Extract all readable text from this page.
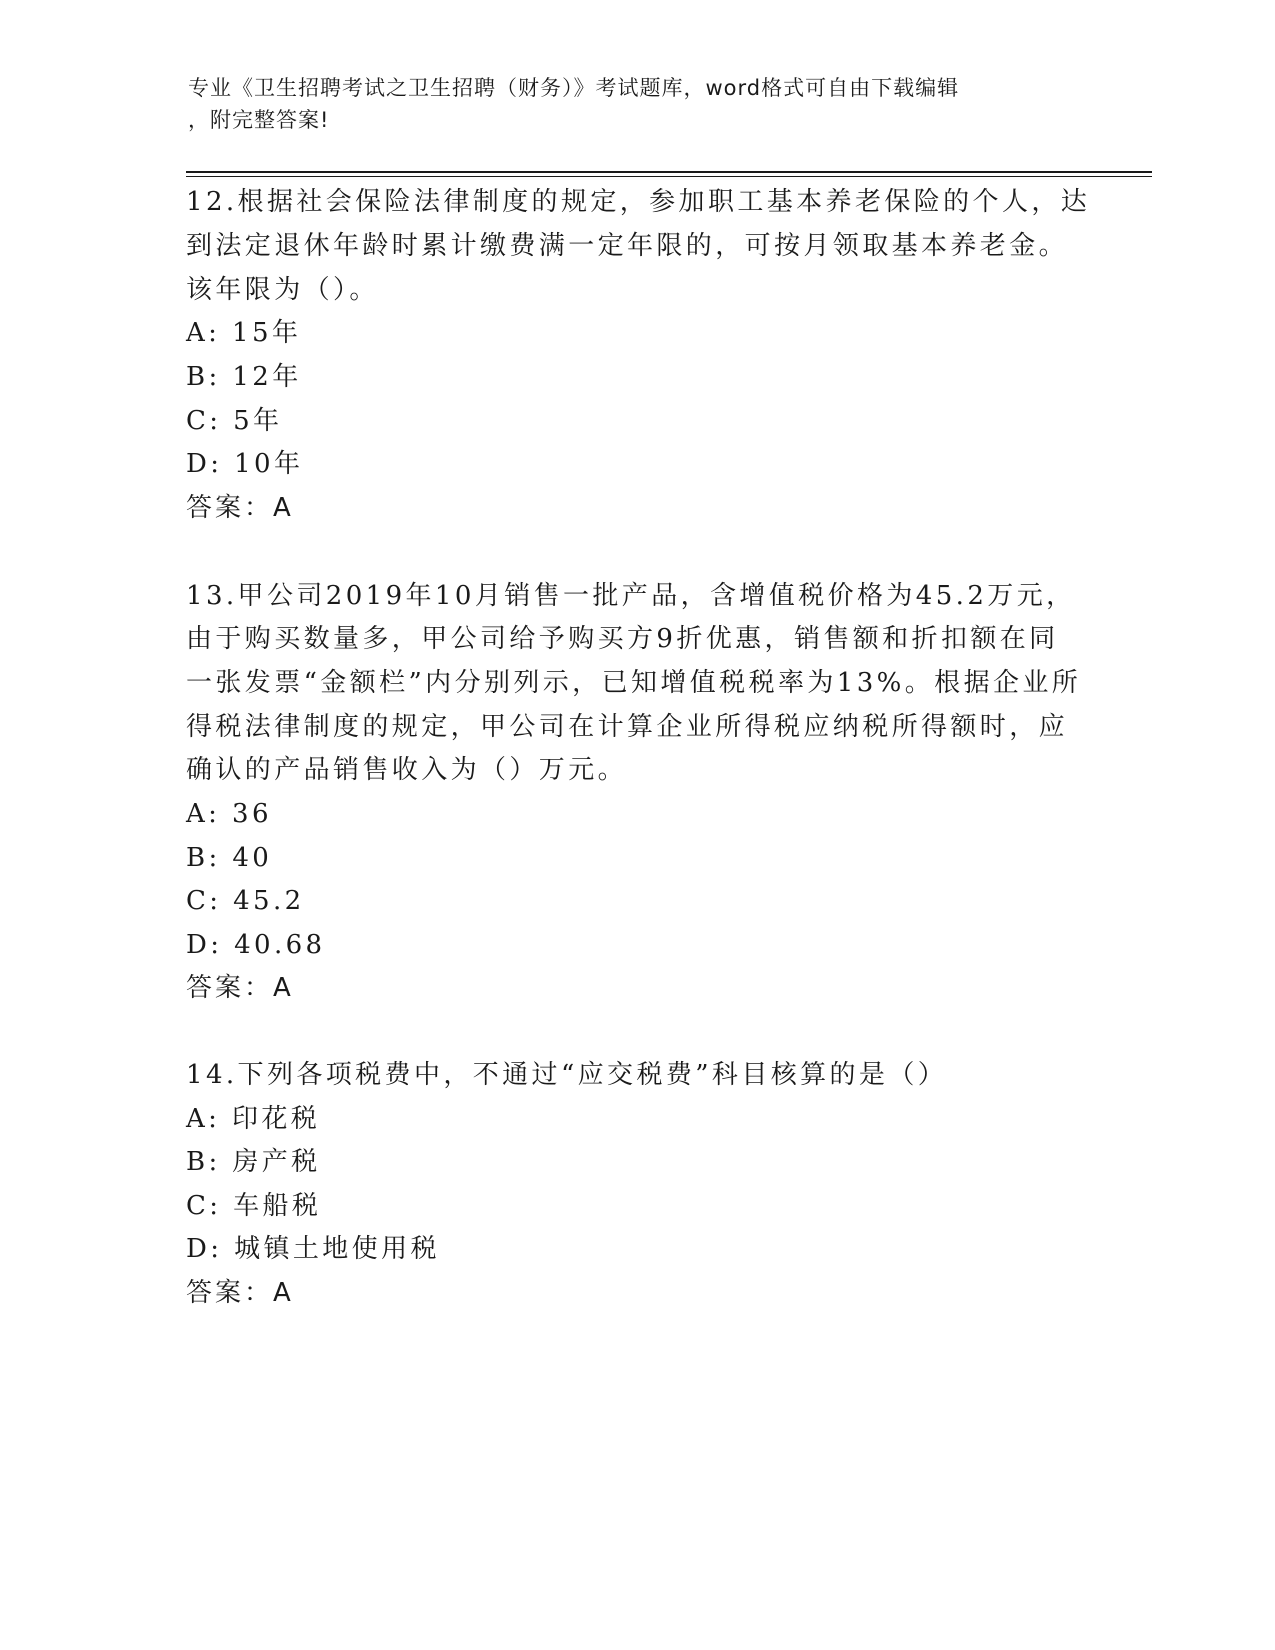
专业《卫生招聘考试之卫生招聘（财务）》考试题库，word格式可自由下载编辑
，附完整答案!
12.根据社会保险法律制度的规定，参加职工基本养老保险的个人，达
到法定退休年龄时累计缴费满一定年限的，可按月领取基本养老金。
该年限为（）。
A: 15年
B: 12年
C: 5年
D: 10年
答案：A
13.甲公司2019年10月销售一批产品，含增值税价格为45.2万元，
由于购买数量多，甲公司给予购买方9折优惠，销售额和折扣额在同
一张发票“金额栏”内分别列示，已知增值税税率为13%。根据企业所
得税法律制度的规定，甲公司在计算企业所得税应纳税所得额时，应
确认的产品销售收入为（）万元。
A: 36
B: 40
C: 45.2
D: 40.68
答案：A
14.下列各项税费中，不通过“应交税费”科目核算的是（）
A: 印花税
B: 房产税
C: 车船税
D: 城镇土地使用税
答案：A
